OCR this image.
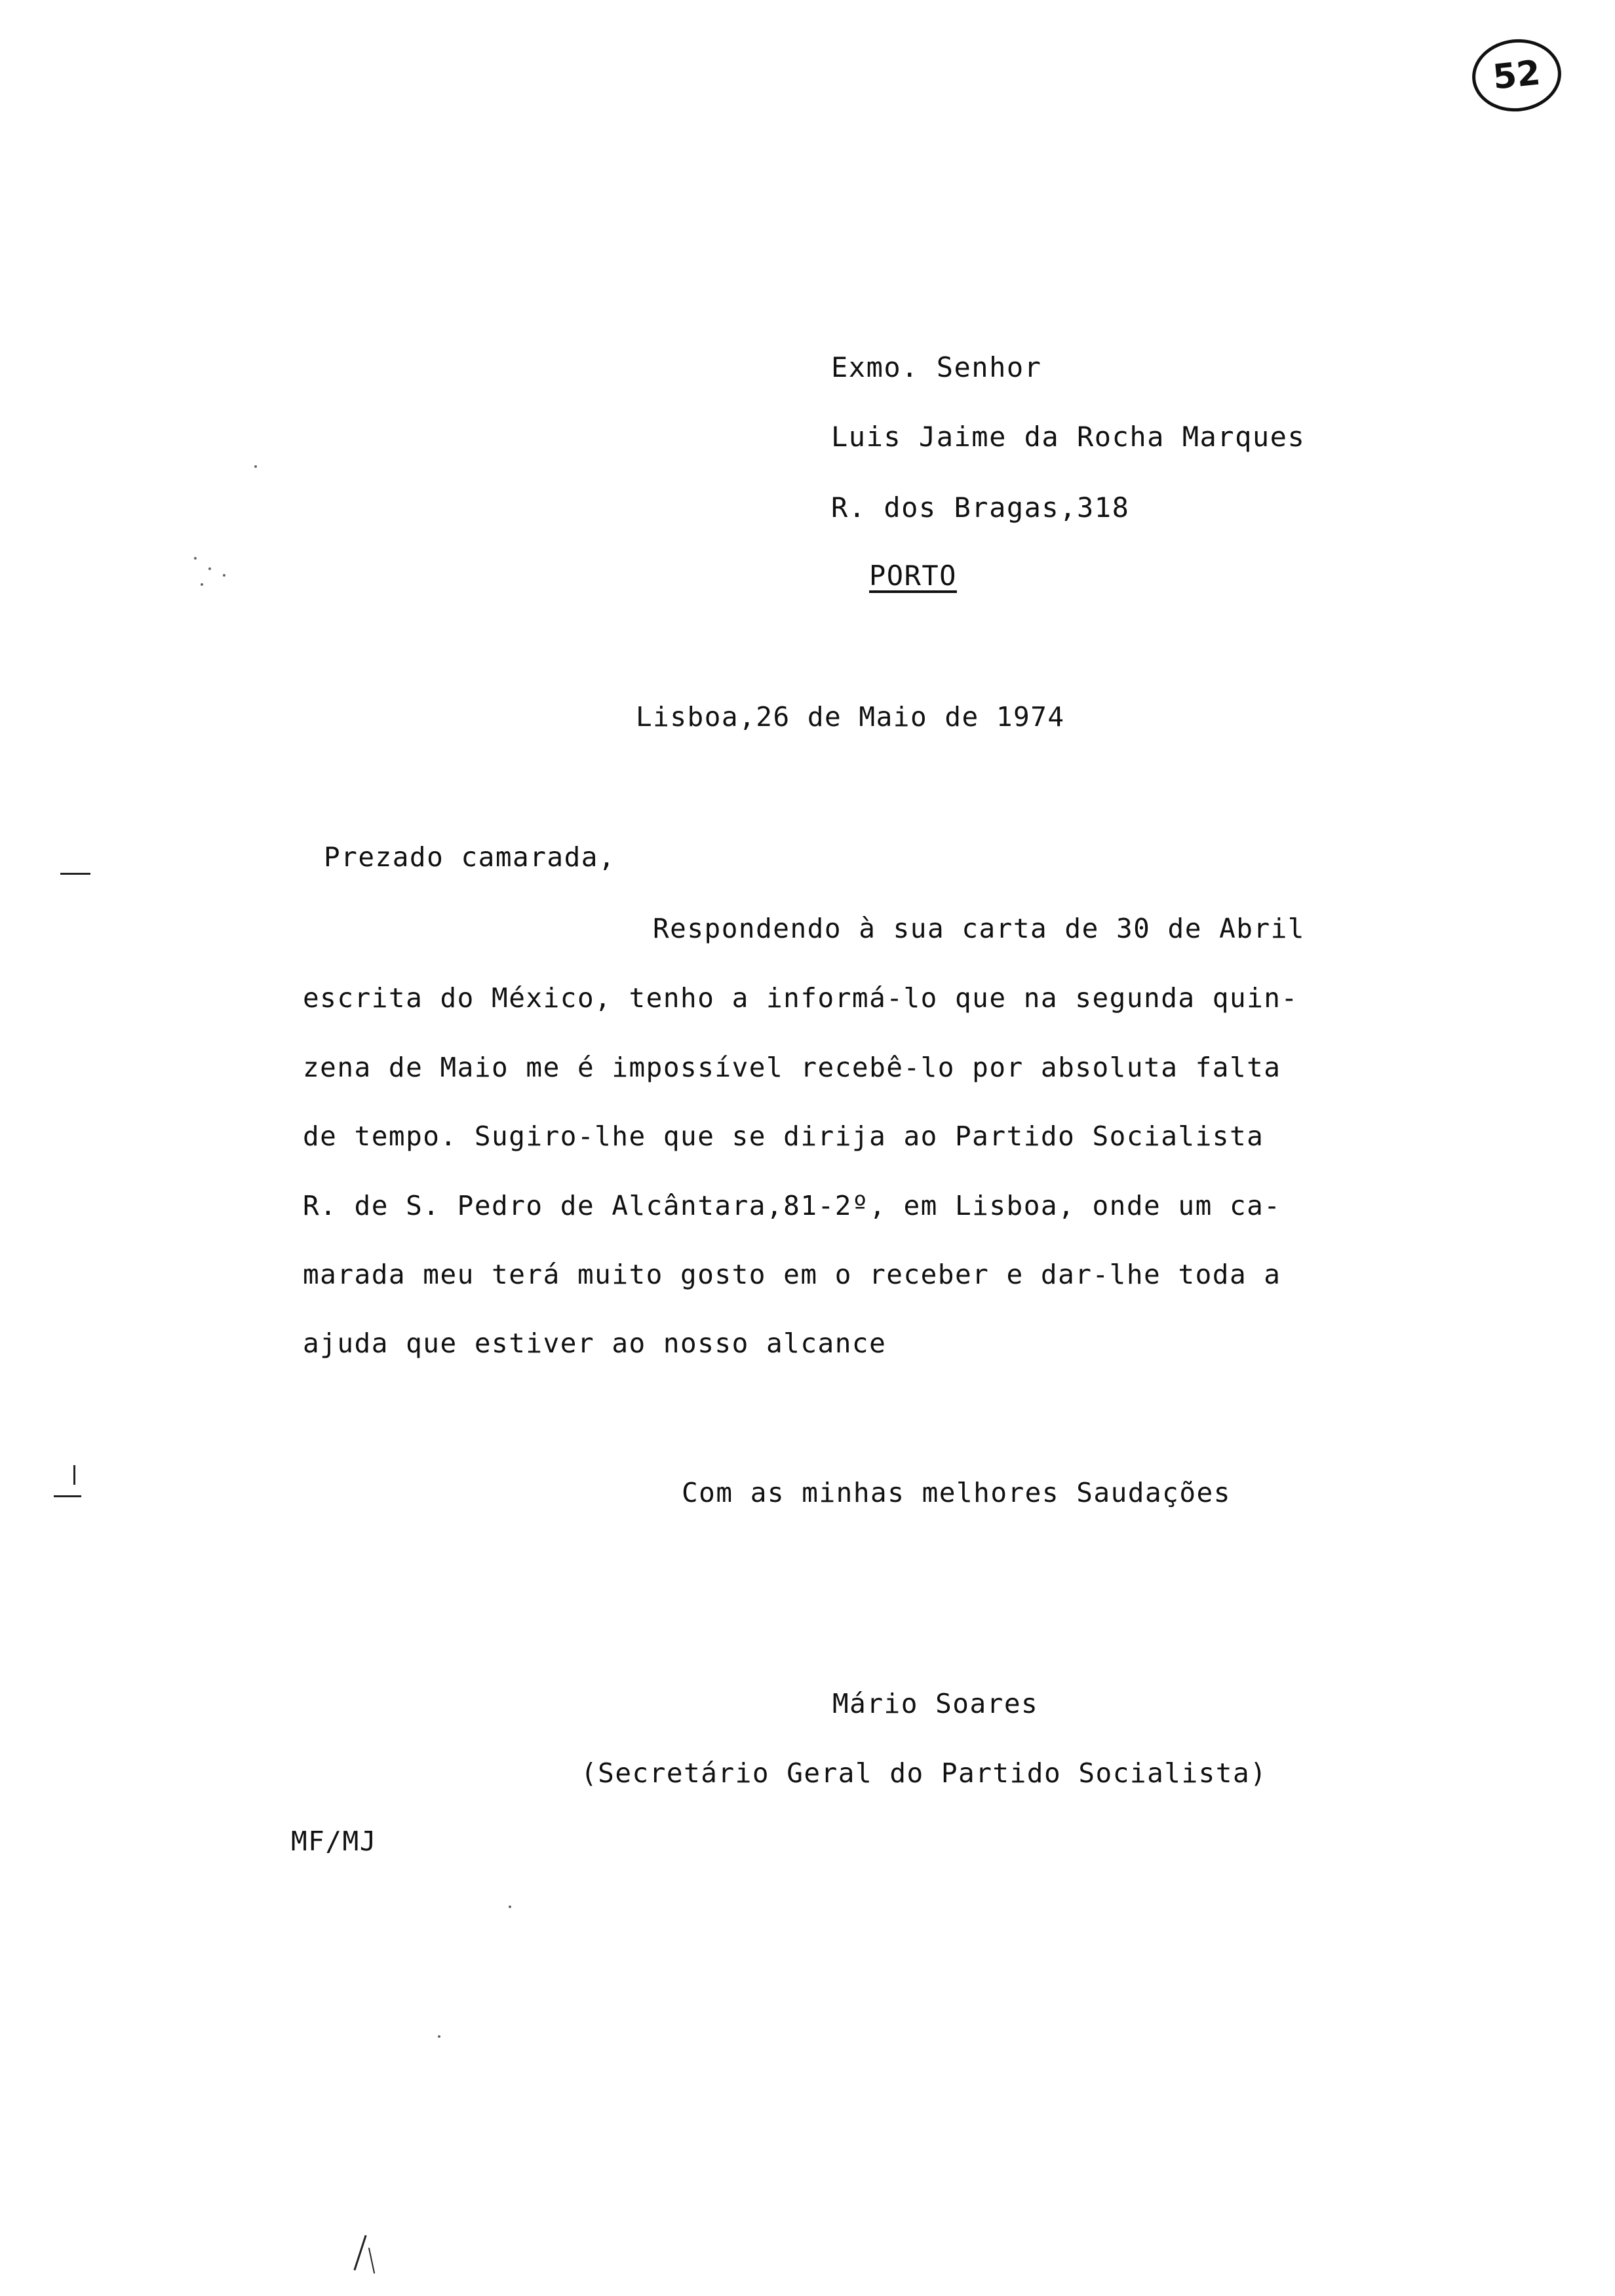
52
Exmo. Senhor
Luis Jaime da Rocha Marques
R. dos Bragas,318
PORTO
Lisboa,26 de Maio de 1974
Prezado camarada,
Respondendo à sua carta de 30 de Abril
escrita do México, tenho a informá-lo que na segunda quin-
zena de Maio me é impossível recebê-lo por absoluta falta
de tempo. Sugiro-lhe que se dirija ao Partido Socialista
R. de S. Pedro de Alcântara,81-2º, em Lisboa, onde um ca-
marada meu terá muito gosto em o receber e dar-lhe toda a
ajuda que estiver ao nosso alcance
Com as minhas melhores Saudações
Mário Soares
(Secretário Geral do Partido Socialista)
MF/MJ
